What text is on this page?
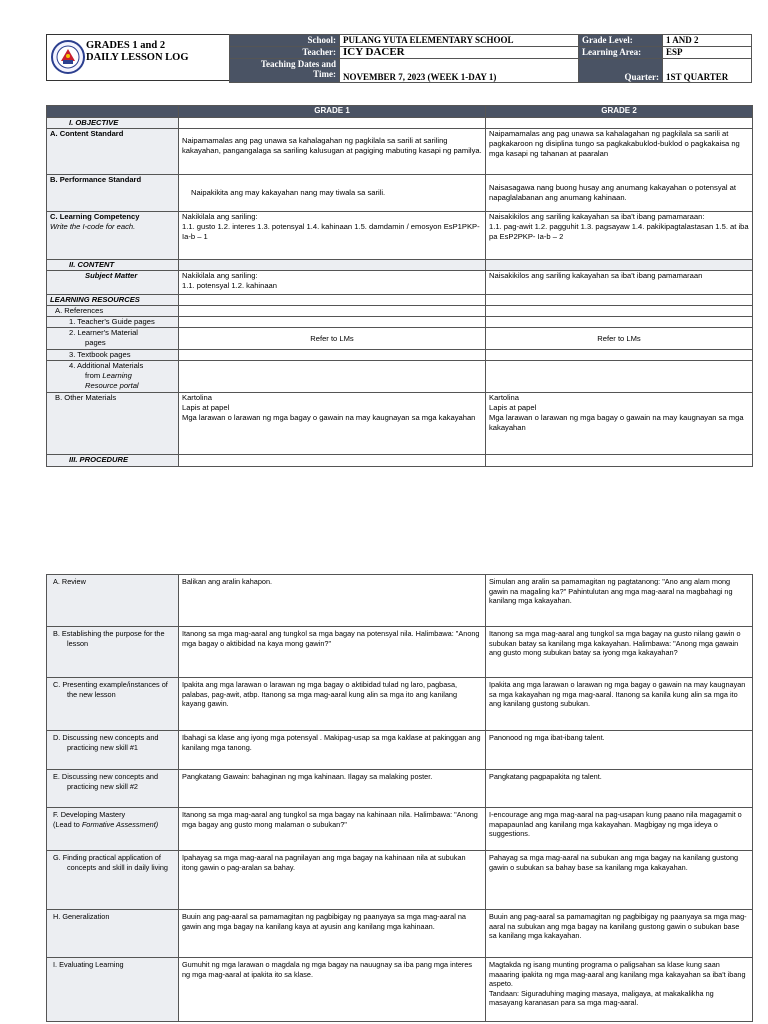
GRADES 1 and 2
DAILY LESSON LOG
School:	PULANG YUTA ELEMENTARY SCHOOL	Grade Level:	1 AND 2
Teacher:	ICY DACER	Learning Area:	ESP

Teaching Dates and
Time:	NOVEMBER 7, 2023 (WEEK 1-DAY 1)	Quarter:	1ST QUARTER
	GRADE 1	GRADE 2
I. OBJECTIVE		
A. Content Standard	Naipamamalas ang pag unawa sa kahalagahan ng pagkilala sa sarili at sariling kakayahan, pangangalaga sa sariling kalusugan at pagiging mabuting kasapi ng pamilya.	Naipamamalas ang pag unawa sa kahalagahan ng pagkilala sa sarili at pagkakaroon ng disiplina tungo sa pagkakabuklod-buklod o pagkakaisa ng mga kasapi ng tahanan at paaralan
B. Performance Standard	Naipakikita ang may kakayahan nang may tiwala sa sarili.	Naisasagawa nang buong husay ang anumang kakayahan o potensyal at napaglalabanan ang anumang kahinaan.

C. Learning Competency
Write the I-code for each.	Nakikilala ang sariling:
1.1. gusto 1.2. interes 1.3. potensyal 1.4. kahinaan 1.5. damdamin / emosyon EsP1PKP- Ia-b – 1	Naisakikilos ang sariling kakayahan sa iba't ibang pamamaraan:
1.1. pag-awit 1.2. pagguhit 1.3. pagsayaw 1.4. pakikipagtalastasan 1.5. at iba pa EsP2PKP- Ia-b – 2

II. CONTENT		
Subject Matter	Nakikilala ang sariling:
1.1. potensyal 1.2. kahinaan	Naisakikilos ang sariling kakayahan sa iba't ibang pamamaraan
LEARNING RESOURCES		
A. References		
1. Teacher's Guide pages		

2. Learner's Material
pages	Refer to LMs	Refer to LMs
3. Textbook pages		

4. Additional Materials
from Learning
Resource portal		

B. Other Materials	Kartolina
Lapis at papel
Mga larawan o larawan ng mga bagay o gawain na may kaugnayan sa mga kakayahan	Kartolina
Lapis at papel
Mga larawan o larawan ng mga bagay o gawain na may kaugnayan sa mga kakayahan

III. PROCEDURE		
A. Review	Balikan ang aralin kahapon.	Simulan ang aralin sa pamamagitan ng pagtatanong: "Ano ang alam mong gawin na magaling ka?" Pahintulutan ang mga mag-aaral na magbahagi ng kanilang mga kakayahan.
B. Establishing the purpose for the lesson	Itanong sa mga mag-aaral ang tungkol sa mga bagay na potensyal nila. Halimbawa: "Anong mga bagay o aktibidad na kaya mong gawin?"	Itanong sa mga mag-aaral ang tungkol sa mga bagay na gusto nilang gawin o subukan batay sa kanilang mga kakayahan. Halimbawa: "Anong mga gawain ang gusto mong subukan batay sa iyong mga kakayahan?
C. Presenting example/instances of the new lesson	Ipakita ang mga larawan o larawan ng mga bagay o aktibidad tulad ng laro, pagbasa, palabas, pag-awit, atbp. Itanong sa mga mag-aaral kung alin sa mga ito ang kanilang kayang gawin.	Ipakita ang mga larawan o larawan ng mga bagay o gawain na may kaugnayan sa mga kakayahan ng mga mag-aaral. Itanong sa kanila kung alin sa mga ito ang kanilang gustong subukan.
D. Discussing new concepts and practicing new skill #1	Ibahagi sa klase ang iyong mga potensyal . Makipag-usap sa mga kaklase at pakinggan ang kanilang mga tanong.	Panonood ng mga ibat-ibang talent.
E. Discussing new concepts and practicing new skill #2	Pangkatang Gawain: bahaginan ng mga kahinaan. Ilagay sa malaking poster.	Pangkatang pagpapakita ng talent.

F. Developing Mastery
(Lead to Formative Assessment)	Itanong sa mga mag-aaral ang tungkol sa mga bagay na kahinaan nila. Halimbawa: "Anong mga bagay ang gusto mong malaman o subukan?"	I-encourage ang mga mag-aaral na pag-usapan kung paano nila magagamit o mapapaunlad ang kanilang mga kakayahan. Magbigay ng mga ideya o suggestions.
G. Finding practical application of concepts and skill in daily living	Ipahayag sa mga mag-aaral na pagnilayan ang mga bagay na kahinaan nila at subukan itong gawin o pag-aralan sa bahay.	Pahayag sa mga mag-aaral na subukan ang mga bagay na kanilang gustong gawin o subukan sa bahay base sa kanilang mga kakayahan.
H. Generalization	Buuin ang pag-aaral sa pamamagitan ng pagbibigay ng paanyaya sa mga mag-aaral na gawin ang mga bagay na kanilang kaya at ayusin ang kanilang mga kahinaan.	Buuin ang pag-aaral sa pamamagitan ng pagbibigay ng paanyaya sa mga mag-aaral na subukan ang mga bagay na kanilang gustong gawin o subukan base sa kanilang mga kakayahan.
I. Evaluating Learning	Gumuhit ng mga larawan o magdala ng mga bagay na nauugnay sa iba pang mga interes ng mga mag-aaral at ipakita ito sa klase.	Magtakda ng isang munting programa o paligsahan sa klase kung saan maaaring ipakita ng mga mag-aaral ang kanilang mga kakayahan sa iba't ibang aspeto.
Tandaan: Siguraduhing maging masaya, maligaya, at makakalikha ng masayang karanasan para sa mga mag-aaral.
